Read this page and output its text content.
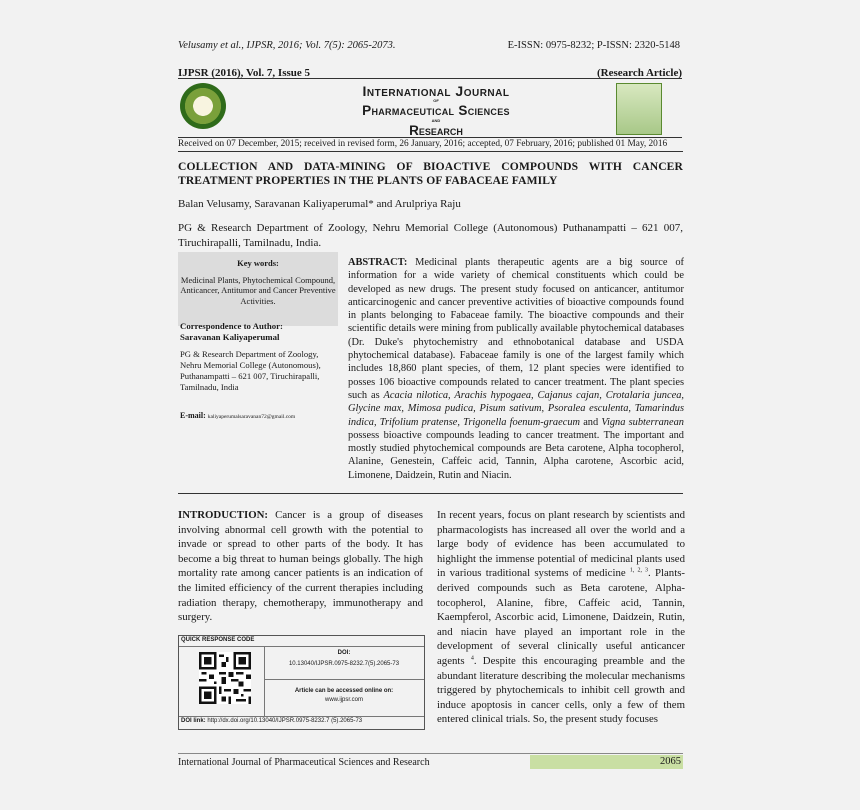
Velusamy et al., IJPSR, 2016; Vol. 7(5): 2065-2073.	E-ISSN: 0975-8232; P-ISSN: 2320-5148
IJPSR (2016), Vol. 7, Issue 5	(Research Article)
International Journal
of
Pharmaceutical Sciences
and
Research
Received on 07 December, 2015; received in revised form, 26 January, 2016; accepted, 07 February, 2016; published 01 May, 2016
COLLECTION AND DATA-MINING OF BIOACTIVE COMPOUNDS WITH CANCER TREATMENT PROPERTIES IN THE PLANTS OF FABACEAE FAMILY
Balan Velusamy, Saravanan Kaliyaperumal* and Arulpriya Raju
PG & Research Department of Zoology, Nehru Memorial College (Autonomous) Puthanampatti – 621 007, Tiruchirapalli, Tamilnadu, India.
Key words:
Medicinal Plants, Phytochemical Compound, Anticancer, Antitumor and Cancer Preventive Activities.
Correspondence to Author:
Saravanan Kaliyaperumal
PG & Research Department of Zoology, Nehru Memorial College (Autonomous), Puthanampatti – 621 007, Tiruchirapalli, Tamilnadu, India
E-mail: kaliyaperumalsaravanan72@gmail.com
ABSTRACT: Medicinal plants therapeutic agents are a big source of information for a wide variety of chemical constituents which could be developed as new drugs. The present study focused on anticancer, antitumor anticarcinogenic and cancer preventive activities of bioactive compounds found in plants belonging to Fabaceae family. The bioactive compounds and their scientific details were mining from publically available phytochemical databases (Dr. Duke's phytochemistry and ethnobotanical database and USDA phytochemical database). Fabaceae family is one of the largest family which includes 18,860 plant species, of them, 12 plant species were identified to posses 106 bioactive compounds related to cancer treatment. The plant species such as Acacia nilotica, Arachis hypogaea, Cajanus cajan, Crotalaria juncea, Glycine max, Mimosa pudica, Pisum sativum, Psoralea esculenta, Tamarindus indica, Trifolium pratense, Trigonella foenum-graecum and Vigna subterranean possess bioactive compounds leading to cancer treatment. The important and mostly studied phytochemical compounds are Beta carotene, Alpha tocopherol, Alanine, Genestein, Caffeic acid, Tannin, Alpha carotene, Ascorbic acid, Limonene, Daidzein, Rutin and Niacin.
INTRODUCTION: Cancer is a group of diseases involving abnormal cell growth with the potential to invade or spread to other parts of the body. It has become a big threat to human beings globally. The high mortality rate among cancer patients is an indication of the limited efficiency of the current therapies including radiation therapy, chemotherapy, immunotherapy and surgery.
In recent years, focus on plant research by scientists and pharmacologists has increased all over the world and a large body of evidence has been accumulated to highlight the immense potential of medicinal plants used in various traditional systems of medicine $^{1, 2, 3}$. Plants-derived compounds such as Beta carotene, Alpha-tocopherol, Alanine, fibre, Caffeic acid, Tannin, Kaempferol, Ascorbic acid, Limonene, Daidzein, Rutin, and niacin have played an important role in the development of several clinically useful anticancer agents $^4$. Despite this encouraging preamble and the abundant literature describing the molecular mechanisms triggered by phytochemicals to inhibit cell growth and induce apoptosis in cancer cells, only a few of them entered clinical trials. So, the present study focuses
QUICK RESPONSE CODE
DOI:
10.13040/IJPSR.0975-8232.7(5).2065-73
Article can be accessed online on:
www.ijpsr.com
DOI link: http://dx.doi.org/10.13040/IJPSR.0975-8232.7 (5).2065-73
International Journal of Pharmaceutical Sciences and Research	2065
